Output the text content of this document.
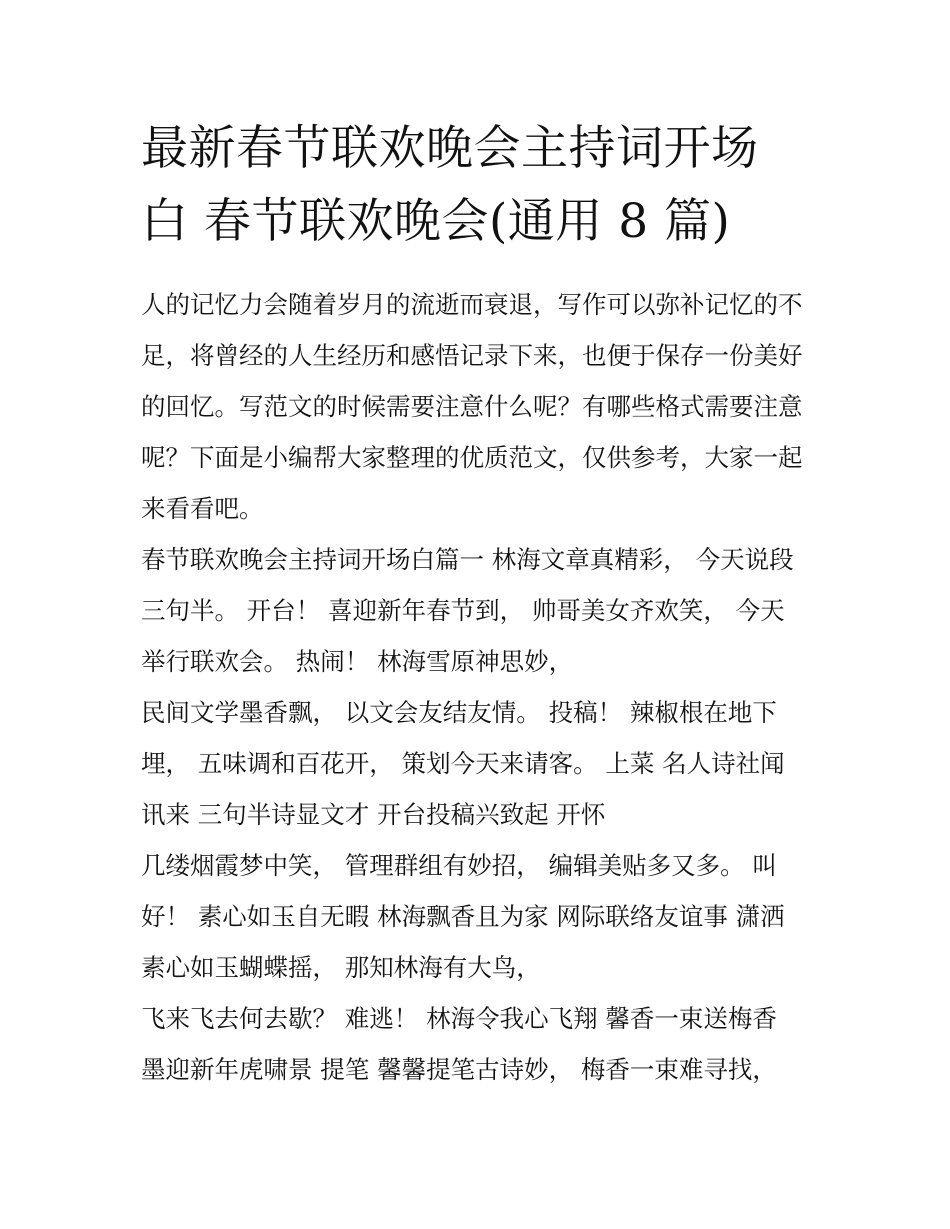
最新春节联欢晚会主持词开场
白 春节联欢晚会(通用 8 篇)
人的记忆力会随着岁月的流逝而衰退，写作可以弥补记忆的不
足，将曾经的人生经历和感悟记录下来，也便于保存一份美好
的回忆。写范文的时候需要注意什么呢？有哪些格式需要注意
呢？下面是小编帮大家整理的优质范文，仅供参考，大家一起
来看看吧。
春节联欢晚会主持词开场白篇一 林海文章真精彩， 今天说段
三句半。 开台！ 喜迎新年春节到， 帅哥美女齐欢笑， 今天
举行联欢会。 热闹！ 林海雪原神思妙，
民间文学墨香飘， 以文会友结友情。 投稿！ 辣椒根在地下
埋， 五味调和百花开， 策划今天来请客。 上菜 名人诗社闻
讯来 三句半诗显文才 开台投稿兴致起 开怀
几缕烟霞梦中笑， 管理群组有妙招， 编辑美贴多又多。 叫
好！ 素心如玉自无暇 林海飘香且为家 网际联络友谊事 潇洒
素心如玉蝴蝶摇， 那知林海有大鸟，
飞来飞去何去歇？ 难逃！ 林海令我心飞翔 馨香一束送梅香
墨迎新年虎啸景 提笔 馨馨提笔古诗妙， 梅香一束难寻找，
